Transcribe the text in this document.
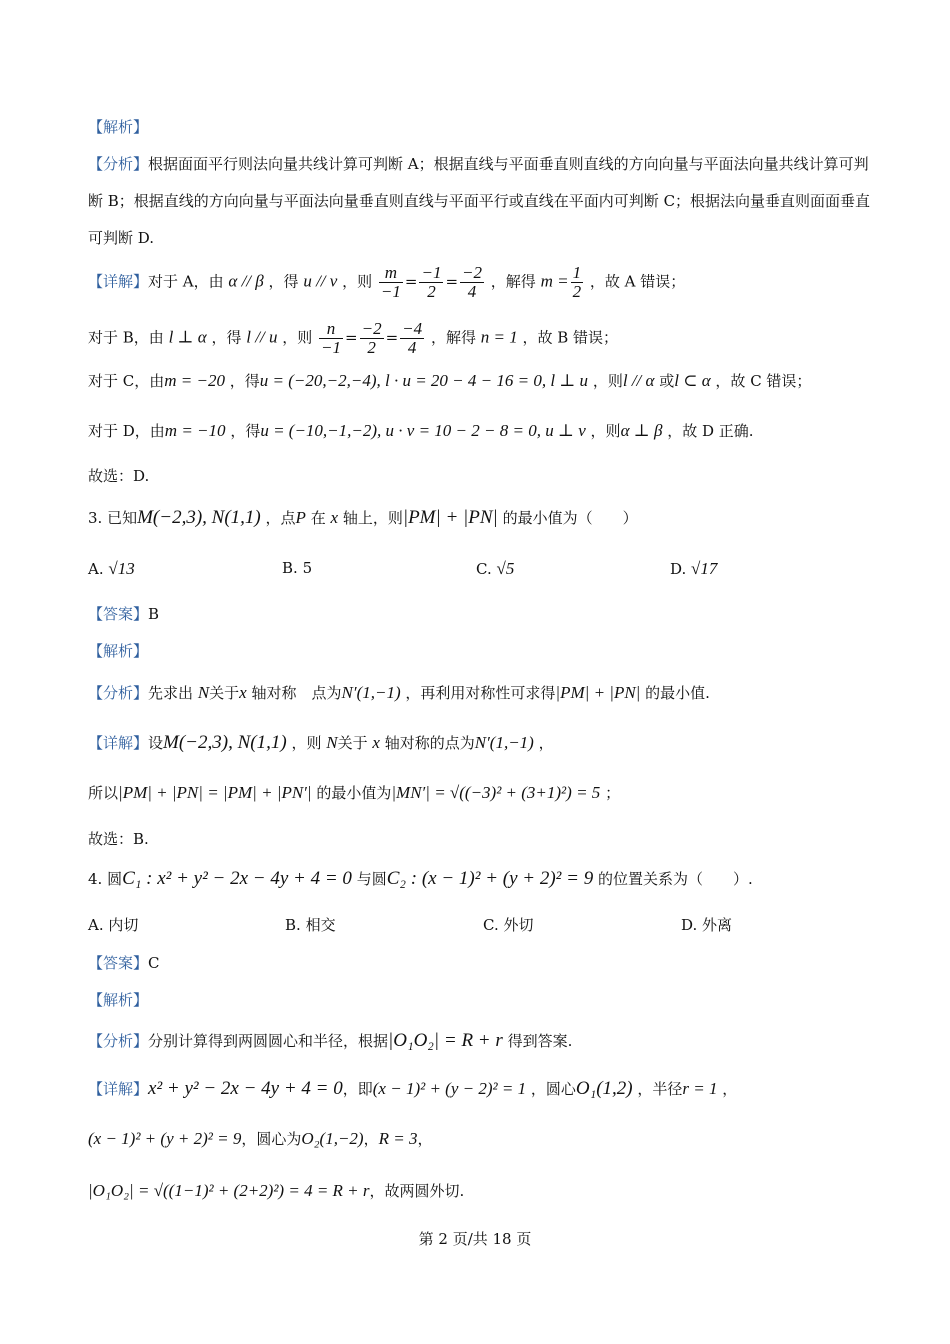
【解析】
【分析】根据面面平行则法向量共线计算可判断 A；根据直线与平面垂直则直线的方向向量与平面法向量共线计算可判断 B；根据直线的方向向量与平面法向量垂直则直线与平面平行或直线在平面内可判断 C；根据法向量垂直则面面垂直可判断 D.
【详解】对于 A，由 α // β ，得 u // v ，则 $\frac{m}{-1} = \frac{-1}{2} = \frac{-2}{4}$ ，解得 $m = \frac{1}{2}$ ，故 A 错误；
对于 B，由 l ⊥ α ，得 l // u ，则 $\frac{n}{-1} = \frac{-2}{2} = \frac{-4}{4}$ ，解得 n = 1 ，故 B 错误；
对于 C，由m = −20 ，得u = (−20,−2,−4), l · u = 20 − 4 − 16 = 0, l ⊥ u ，则l // α 或l ⊂ α ，故 C 错误；
对于 D，由m = −10 ，得u = (−10,−1,−2), u · v = 10 − 2 − 8 = 0, u ⊥ v ，则α ⊥ β ，故 D 正确.
故选：D.
3. 已知M(−2,3), N(1,1) ，点P 在 x 轴上，则|PM| + |PN| 的最小值为（　　）
A. √13	B. 5	C. √5	D. √17
【答案】B
【解析】
【分析】先求出 N关于x 轴对称　点为N′(1,−1) ，再利用对称性可求得|PM| + |PN| 的最小值.
【详解】设M(−2,3), N(1,1) ，则 N关于 x 轴对称的点为N′(1,−1) ，
所以|PM| + |PN| = |PM| + |PN′| 的最小值为|MN′| = √((−3)² + (3+1)²) = 5 ；
故选：B.
4. 圆C₁ : x² + y² − 2x − 4y + 4 = 0 与圆C₂ : (x − 1)² + (y + 2)² = 9 的位置关系为（　　）.
A. 内切	B. 相交	C. 外切	D. 外离
【答案】C
【解析】
【分析】分别计算得到两圆圆心和半径，根据|O₁O₂| = R + r 得到答案.
【详解】x² + y² − 2x − 4y + 4 = 0，即(x − 1)² + (y − 2)² = 1 ，圆心O₁(1,2) ，半径r = 1 ，
(x − 1)² + (y + 2)² = 9，圆心为O₂(1,−2)，R = 3，
|O₁O₂| = √((1−1)² + (2+2)²) = 4 = R + r，故两圆外切.
第 2 页/共 18 页
